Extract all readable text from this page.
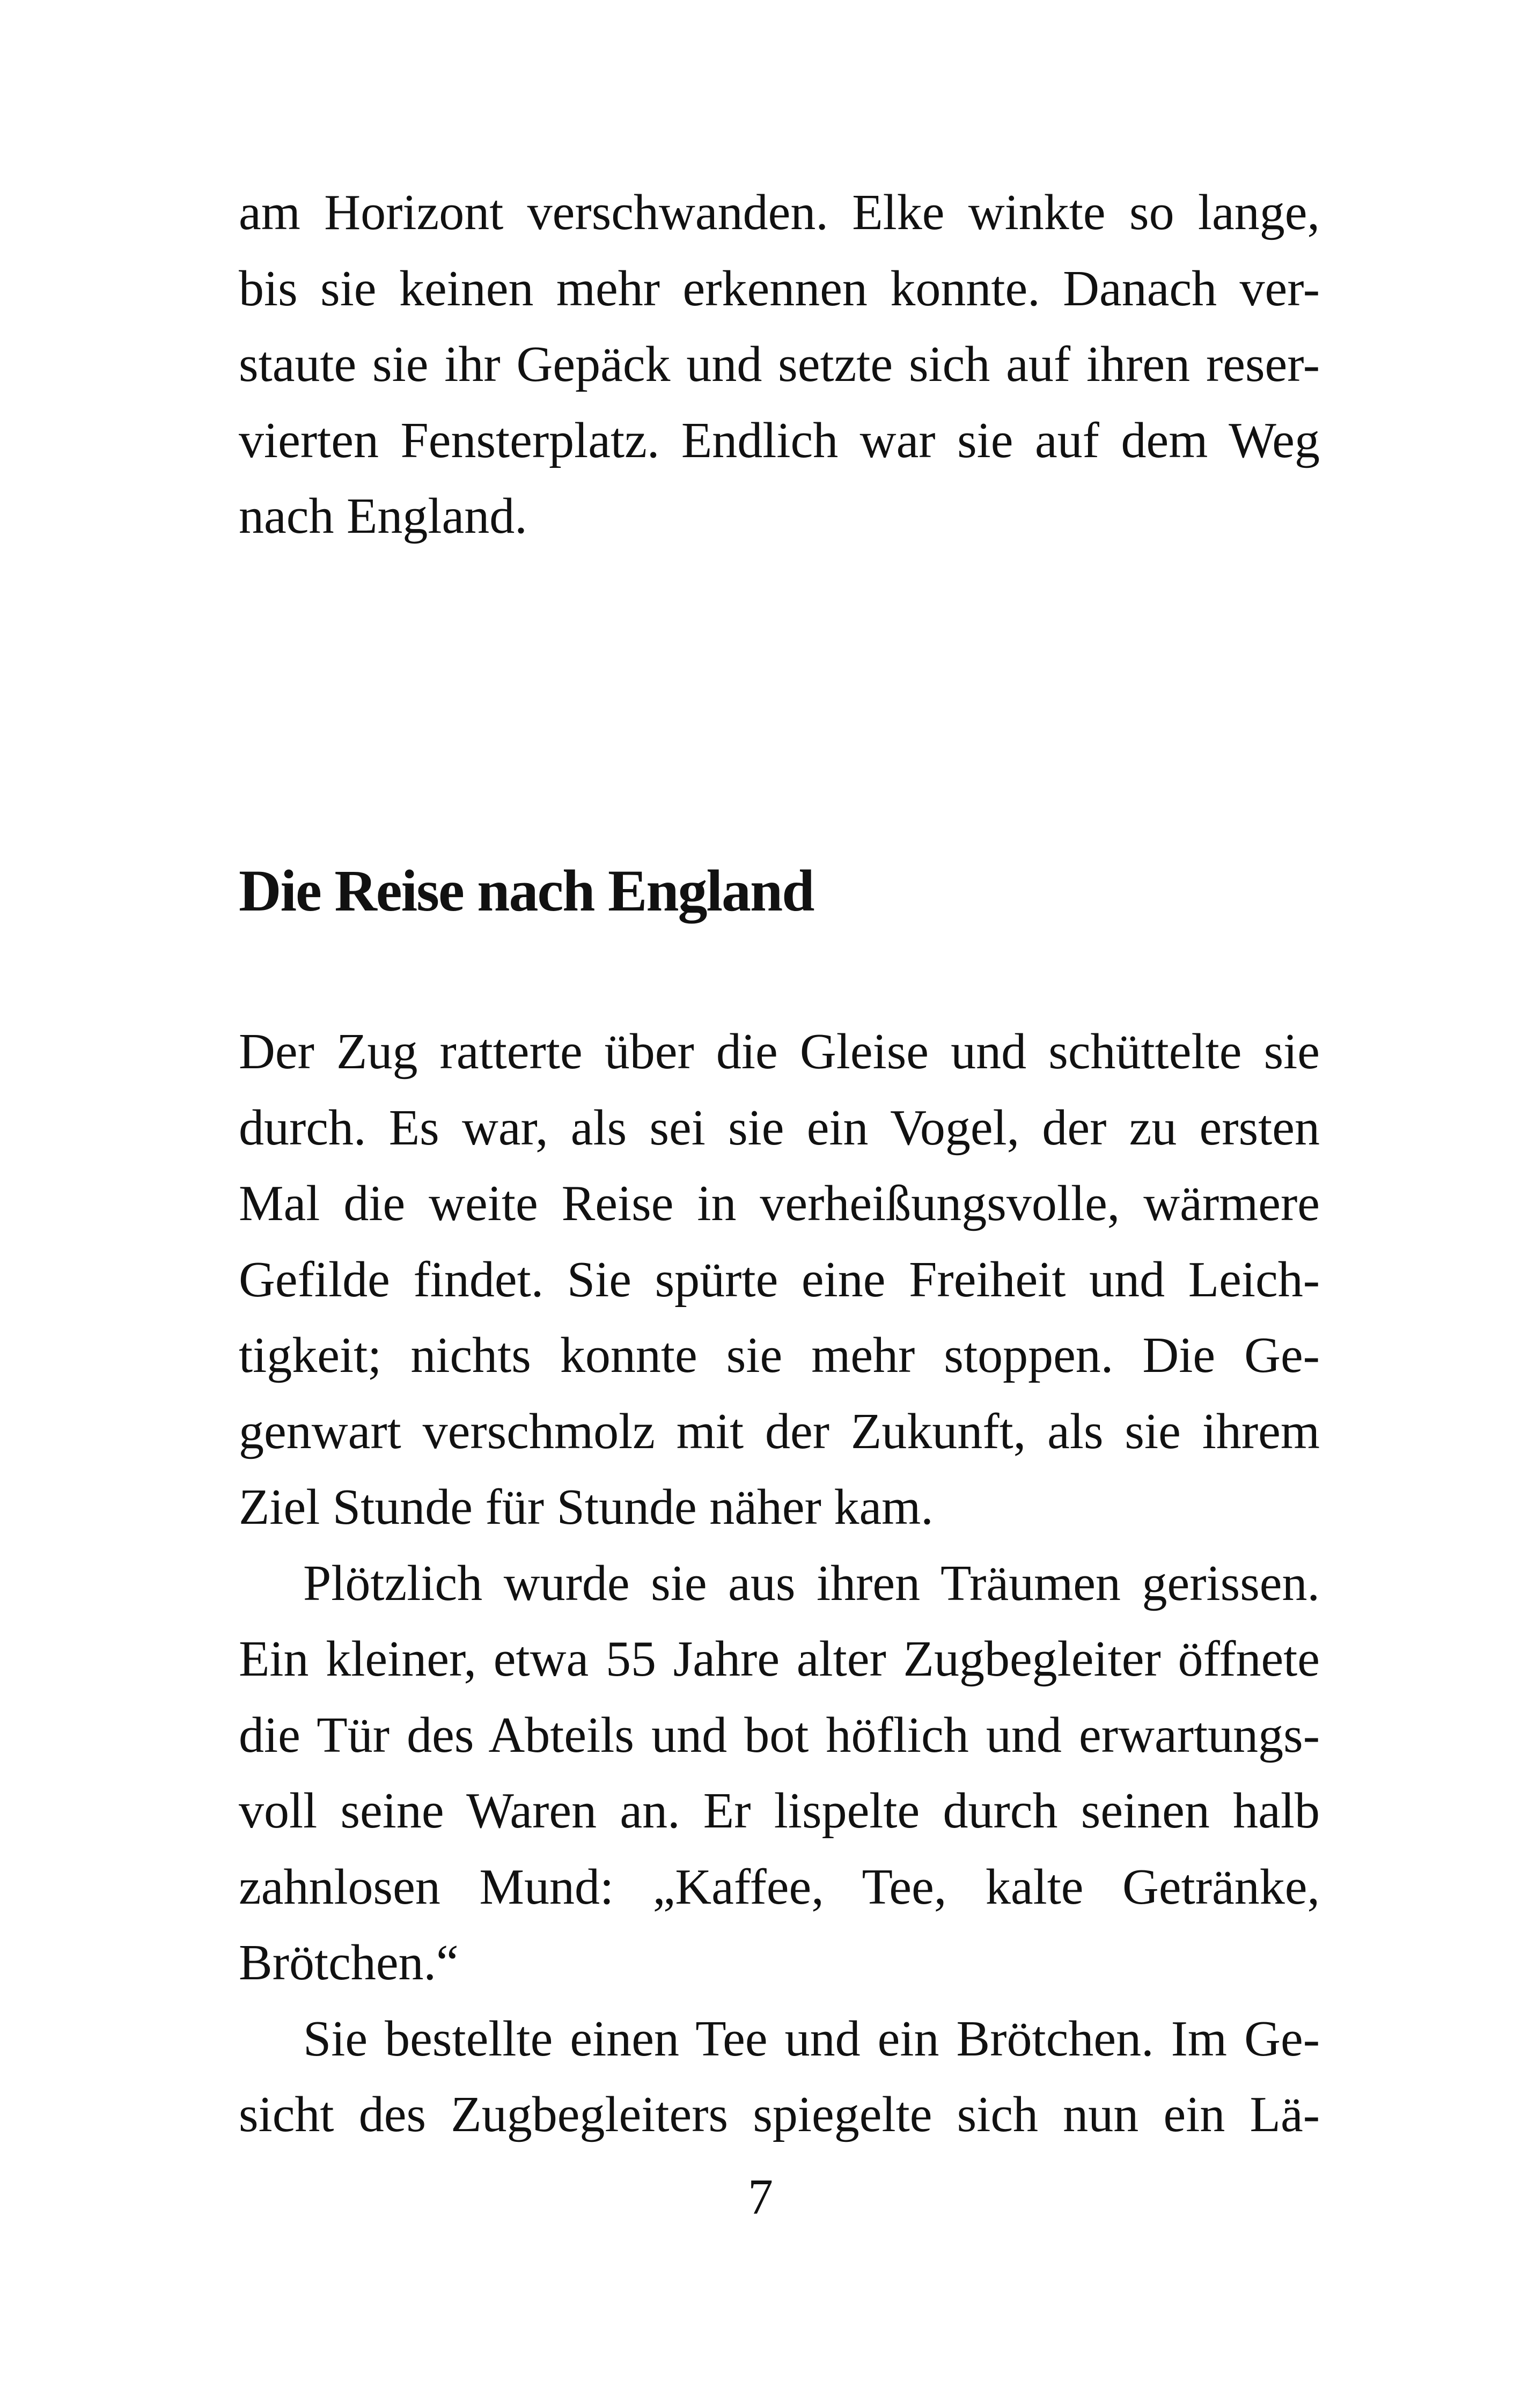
am Horizont verschwanden. Elke winkte so lange,
bis sie keinen mehr erkennen konnte. Danach ver-
staute sie ihr Gepäck und setzte sich auf ihren reser-
vierten Fensterplatz. Endlich war sie auf dem Weg
nach England.
Die Reise nach England
Der Zug ratterte über die Gleise und schüttelte sie
durch. Es war, als sei sie ein Vogel, der zu ersten
Mal die weite Reise in verheißungsvolle, wärmere
Gefilde findet. Sie spürte eine Freiheit und Leich-
tigkeit; nichts konnte sie mehr stoppen. Die Ge-
genwart verschmolz mit der Zukunft, als sie ihrem
Ziel Stunde für Stunde näher kam.
Plötzlich wurde sie aus ihren Träumen gerissen.
Ein kleiner, etwa 55 Jahre alter Zugbegleiter öffnete
die Tür des Abteils und bot höflich und erwartungs-
voll seine Waren an. Er lispelte durch seinen halb
zahnlosen Mund: „Kaffee, Tee, kalte Getränke,
Brötchen.“
Sie bestellte einen Tee und ein Brötchen. Im Ge-
sicht des Zugbegleiters spiegelte sich nun ein Lä-
7
